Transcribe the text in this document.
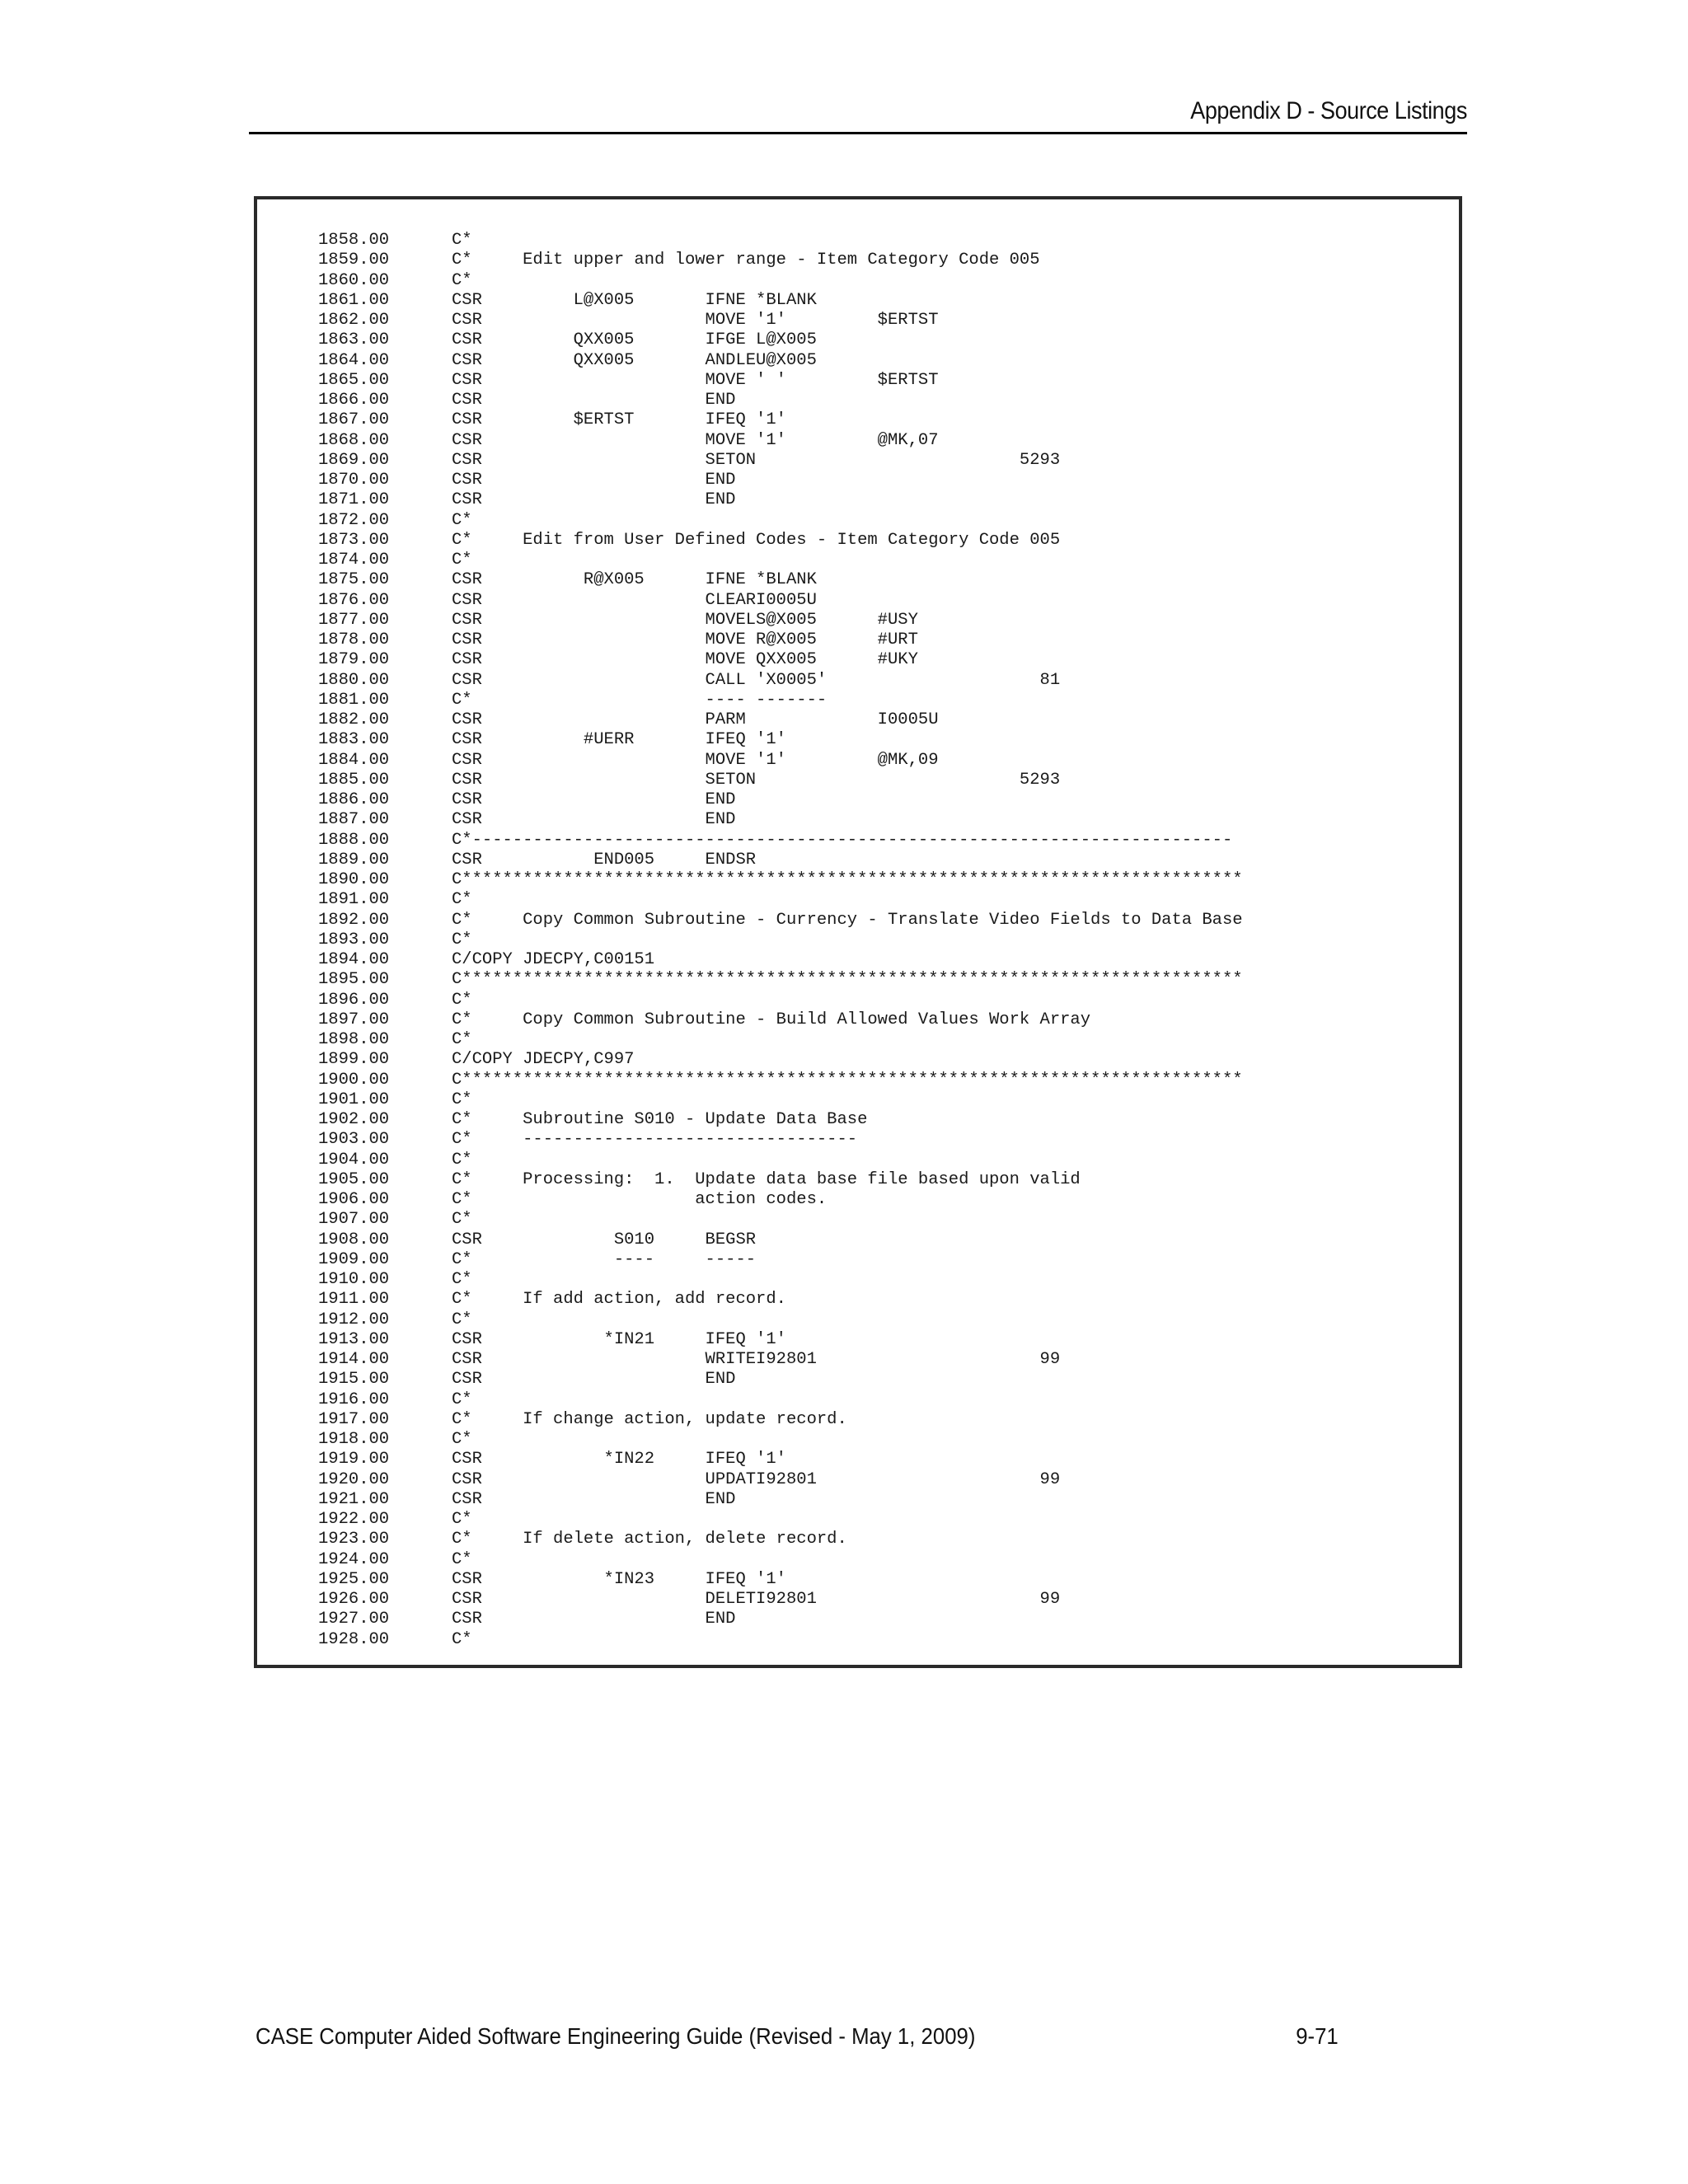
Appendix D - Source Listings
1858.00	C*
1859.00	C*     Edit upper and lower range - Item Category Code 005
1860.00	C*
1861.00	CSR         L@X005       IFNE *BLANK
1862.00	CSR                      MOVE '1'         $ERTST
1863.00	CSR         QXX005       IFGE L@X005
1864.00	CSR         QXX005       ANDLEU@X005
1865.00	CSR                      MOVE ' '         $ERTST
1866.00	CSR                      END
1867.00	CSR         $ERTST       IFEQ '1'
1868.00	CSR                      MOVE '1'         @MK,07
1869.00	CSR                      SETON                          5293
1870.00	CSR                      END
1871.00	CSR                      END
1872.00	C*
1873.00	C*     Edit from User Defined Codes - Item Category Code 005
1874.00	C*
1875.00	CSR          R@X005      IFNE *BLANK
1876.00	CSR                      CLEARI0005U
1877.00	CSR                      MOVELS@X005      #USY
1878.00	CSR                      MOVE R@X005      #URT
1879.00	CSR                      MOVE QXX005      #UKY
1880.00	CSR                      CALL 'X0005'                     81
1881.00	C*                       ---- -------
1882.00	CSR                      PARM             I0005U
1883.00	CSR          #UERR       IFEQ '1'
1884.00	CSR                      MOVE '1'         @MK,09
1885.00	CSR                      SETON                          5293
1886.00	CSR                      END
1887.00	CSR                      END
1888.00	C*---------------------------------------------------------------------------
1889.00	CSR           END005     ENDSR
1890.00	C*****************************************************************************
1891.00	C*
1892.00	C*     Copy Common Subroutine - Currency - Translate Video Fields to Data Base
1893.00	C*
1894.00	C/COPY JDECPY,C00151
1895.00	C*****************************************************************************
1896.00	C*
1897.00	C*     Copy Common Subroutine - Build Allowed Values Work Array
1898.00	C*
1899.00	C/COPY JDECPY,C997
1900.00	C*****************************************************************************
1901.00	C*
1902.00	C*     Subroutine S010 - Update Data Base
1903.00	C*     ---------------------------------
1904.00	C*
1905.00	C*     Processing:  1.  Update data base file based upon valid
1906.00	C*                      action codes.
1907.00	C*
1908.00	CSR             S010     BEGSR
1909.00	C*              ----     -----
1910.00	C*
1911.00	C*     If add action, add record.
1912.00	C*
1913.00	CSR            *IN21     IFEQ '1'
1914.00	CSR                      WRITEI92801                      99
1915.00	CSR                      END
1916.00	C*
1917.00	C*     If change action, update record.
1918.00	C*
1919.00	CSR            *IN22     IFEQ '1'
1920.00	CSR                      UPDATI92801                      99
1921.00	CSR                      END
1922.00	C*
1923.00	C*     If delete action, delete record.
1924.00	C*
1925.00	CSR            *IN23     IFEQ '1'
1926.00	CSR                      DELETI92801                      99
1927.00	CSR                      END
1928.00	C*
CASE Computer Aided Software Engineering Guide (Revised - May 1, 2009)	9-71
